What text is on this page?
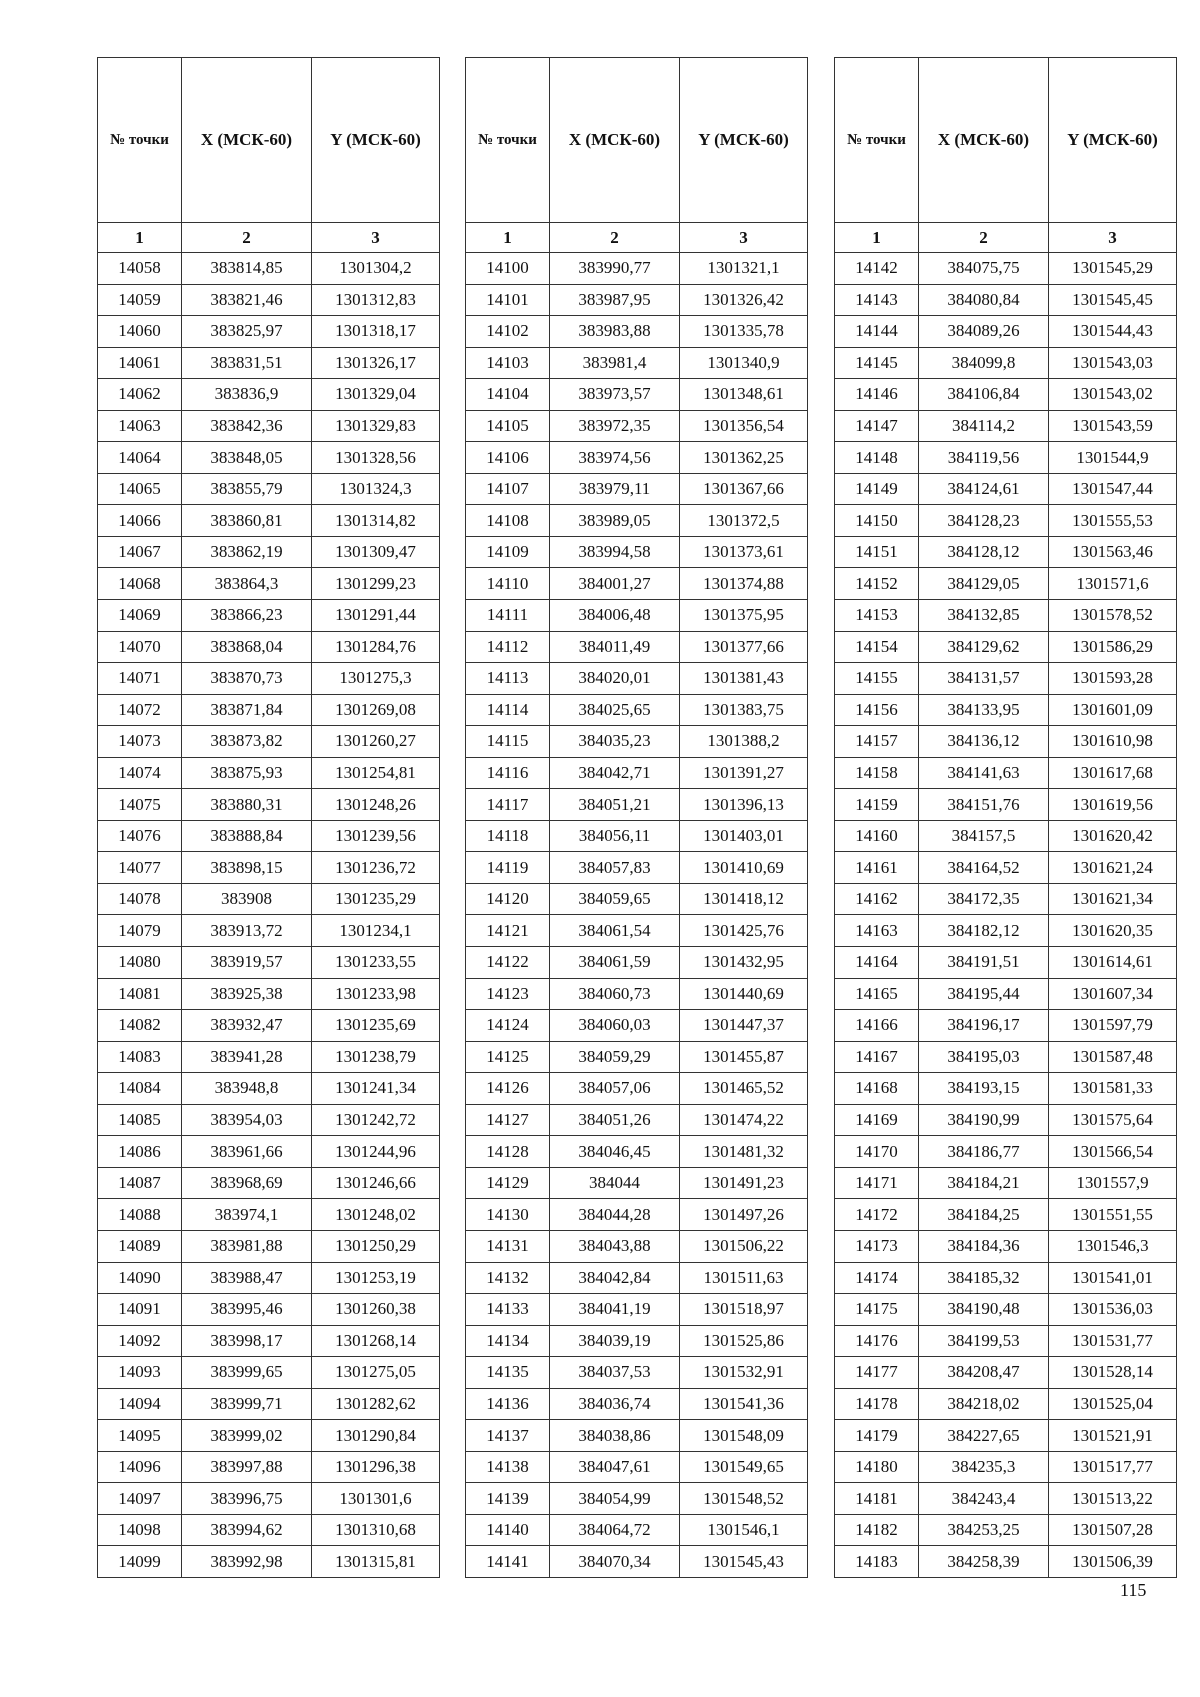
№ точки	X (МСК-60)	Y (МСК-60)
1	2	3
14058	383814,85	1301304,2
14059	383821,46	1301312,83
14060	383825,97	1301318,17
14061	383831,51	1301326,17
14062	383836,9	1301329,04
14063	383842,36	1301329,83
14064	383848,05	1301328,56
14065	383855,79	1301324,3
14066	383860,81	1301314,82
14067	383862,19	1301309,47
14068	383864,3	1301299,23
14069	383866,23	1301291,44
14070	383868,04	1301284,76
14071	383870,73	1301275,3
14072	383871,84	1301269,08
14073	383873,82	1301260,27
14074	383875,93	1301254,81
14075	383880,31	1301248,26
14076	383888,84	1301239,56
14077	383898,15	1301236,72
14078	383908	1301235,29
14079	383913,72	1301234,1
14080	383919,57	1301233,55
14081	383925,38	1301233,98
14082	383932,47	1301235,69
14083	383941,28	1301238,79
14084	383948,8	1301241,34
14085	383954,03	1301242,72
14086	383961,66	1301244,96
14087	383968,69	1301246,66
14088	383974,1	1301248,02
14089	383981,88	1301250,29
14090	383988,47	1301253,19
14091	383995,46	1301260,38
14092	383998,17	1301268,14
14093	383999,65	1301275,05
14094	383999,71	1301282,62
14095	383999,02	1301290,84
14096	383997,88	1301296,38
14097	383996,75	1301301,6
14098	383994,62	1301310,68
14099	383992,98	1301315,81
№ точки	X (МСК-60)	Y (МСК-60)
1	2	3
14100	383990,77	1301321,1
14101	383987,95	1301326,42
14102	383983,88	1301335,78
14103	383981,4	1301340,9
14104	383973,57	1301348,61
14105	383972,35	1301356,54
14106	383974,56	1301362,25
14107	383979,11	1301367,66
14108	383989,05	1301372,5
14109	383994,58	1301373,61
14110	384001,27	1301374,88
14111	384006,48	1301375,95
14112	384011,49	1301377,66
14113	384020,01	1301381,43
14114	384025,65	1301383,75
14115	384035,23	1301388,2
14116	384042,71	1301391,27
14117	384051,21	1301396,13
14118	384056,11	1301403,01
14119	384057,83	1301410,69
14120	384059,65	1301418,12
14121	384061,54	1301425,76
14122	384061,59	1301432,95
14123	384060,73	1301440,69
14124	384060,03	1301447,37
14125	384059,29	1301455,87
14126	384057,06	1301465,52
14127	384051,26	1301474,22
14128	384046,45	1301481,32
14129	384044	1301491,23
14130	384044,28	1301497,26
14131	384043,88	1301506,22
14132	384042,84	1301511,63
14133	384041,19	1301518,97
14134	384039,19	1301525,86
14135	384037,53	1301532,91
14136	384036,74	1301541,36
14137	384038,86	1301548,09
14138	384047,61	1301549,65
14139	384054,99	1301548,52
14140	384064,72	1301546,1
14141	384070,34	1301545,43
№ точки	X (МСК-60)	Y (МСК-60)
1	2	3
14142	384075,75	1301545,29
14143	384080,84	1301545,45
14144	384089,26	1301544,43
14145	384099,8	1301543,03
14146	384106,84	1301543,02
14147	384114,2	1301543,59
14148	384119,56	1301544,9
14149	384124,61	1301547,44
14150	384128,23	1301555,53
14151	384128,12	1301563,46
14152	384129,05	1301571,6
14153	384132,85	1301578,52
14154	384129,62	1301586,29
14155	384131,57	1301593,28
14156	384133,95	1301601,09
14157	384136,12	1301610,98
14158	384141,63	1301617,68
14159	384151,76	1301619,56
14160	384157,5	1301620,42
14161	384164,52	1301621,24
14162	384172,35	1301621,34
14163	384182,12	1301620,35
14164	384191,51	1301614,61
14165	384195,44	1301607,34
14166	384196,17	1301597,79
14167	384195,03	1301587,48
14168	384193,15	1301581,33
14169	384190,99	1301575,64
14170	384186,77	1301566,54
14171	384184,21	1301557,9
14172	384184,25	1301551,55
14173	384184,36	1301546,3
14174	384185,32	1301541,01
14175	384190,48	1301536,03
14176	384199,53	1301531,77
14177	384208,47	1301528,14
14178	384218,02	1301525,04
14179	384227,65	1301521,91
14180	384235,3	1301517,77
14181	384243,4	1301513,22
14182	384253,25	1301507,28
14183	384258,39	1301506,39
115
